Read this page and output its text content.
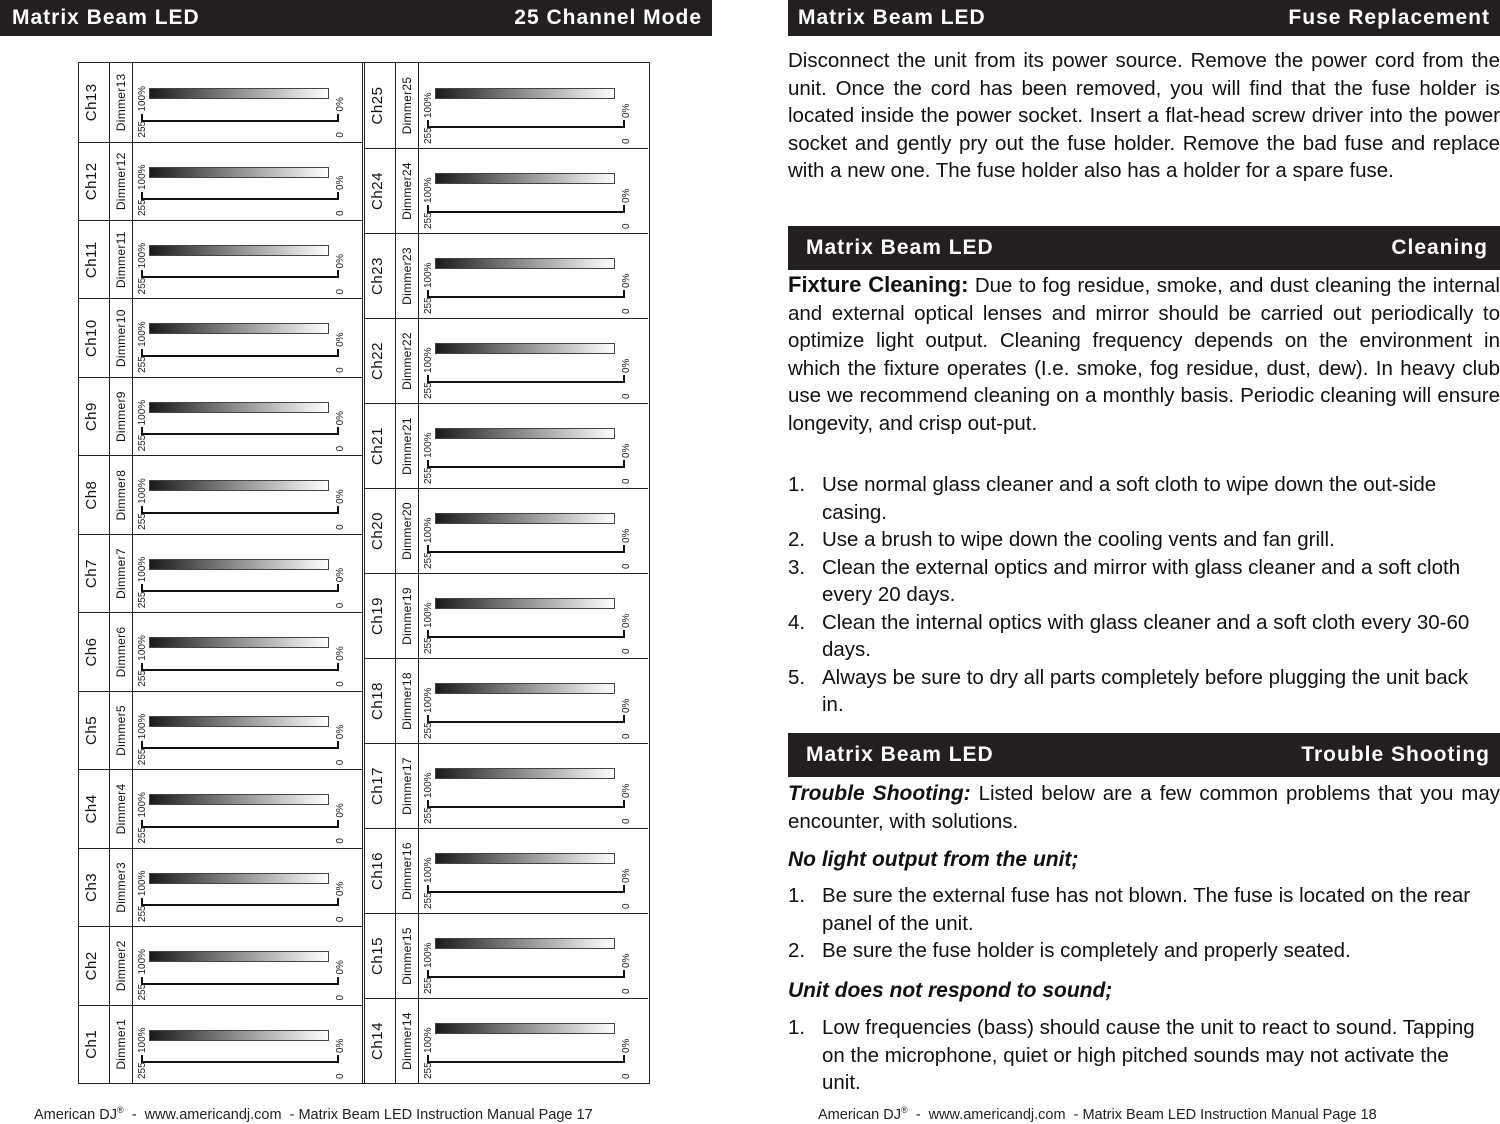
Matrix Beam LED	25 Channel Mode
Ch1	Dimmer1
255
100%
0
0%
Ch2	Dimmer2
255
100%
0
0%
Ch3	Dimmer3
255
100%
0
0%
Ch4	Dimmer4
255
100%
0
0%
Ch5	Dimmer5
255
100%
0
0%
Ch6	Dimmer6
255
100%
0
0%
Ch7	Dimmer7
255
100%
0
0%
Ch8	Dimmer8
255
100%
0
0%
Ch9	Dimmer9
255
100%
0
0%
Ch10	Dimmer10 255
100%
0
0%
Ch11	Dimmer11 255
100%
0
0%
Ch12	Dimmer12 255
100%
0
0%
Ch13	Dimmer13 255
100%
0
0%
Ch14	Dimmer14
255
100%
0
0%
Ch15	Dimmer15
255
100%
0
0%
Ch16	Dimmer16
255
100%
0
0%
Ch17	Dimmer17
255
100%
0
0%
Ch18	Dimmer18
255
100%
0
0%
Ch19	Dimmer19
255
100%
0
0%
Ch20	Dimmer20
255
100%
0
0%
Ch21	Dimmer21
255
100%
0
0%
Ch22	Dimmer22
255
100%
0
0%
Ch23	Dimmer23
255
100%
0
0%
Ch24	Dimmer24
255
100%
0
0%
Ch25	Dimmer25
255
100%
0
0%
American DJ®  -  www.americandj.com  - Matrix Beam LED Instruction Manual Page 17
Matrix Beam LED	Fuse Replacement
Disconnect the unit from its power source. Remove the power cord from the unit. Once the cord has been removed, you will find that the fuse holder is located inside the power socket. Insert a flat-head screw driver into the power socket and gently pry out the fuse holder. Remove the bad fuse and replace with a new one. The fuse holder also has a holder for a spare fuse.
Matrix Beam LED	Cleaning
Fixture Cleaning: Due to fog residue, smoke, and dust cleaning the internal and external optical lenses and mirror should be carried out periodically to optimize light output. Cleaning frequency depends on the environment in which the fixture operates (I.e. smoke, fog residue, dust, dew). In heavy club use we recommend cleaning on a monthly basis. Periodic cleaning will ensure longevity, and crisp out-put.
1. Use normal glass cleaner and a soft cloth to wipe down the out-side casing.
2. Use a brush to wipe down the cooling vents and fan grill.
3. Clean the external optics and mirror with glass cleaner and a soft cloth every 20 days.
4. Clean the internal optics with glass cleaner and a soft cloth every 30-60 days.
5. Always be sure to dry all parts completely before plugging the unit back in.
Matrix Beam LED	Trouble Shooting
Trouble Shooting: Listed below are a few common problems that you may encounter, with solutions.
No light output from the unit;
1. Be sure the external fuse has not blown. The fuse is located on the rear panel of the unit.
2. Be sure the fuse holder is completely and properly seated.
Unit does not respond to sound;
1. Low frequencies (bass) should cause the unit to react to sound. Tapping on the microphone, quiet or high pitched sounds may not activate the unit.
American DJ®  -  www.americandj.com  - Matrix Beam LED Instruction Manual Page 18
